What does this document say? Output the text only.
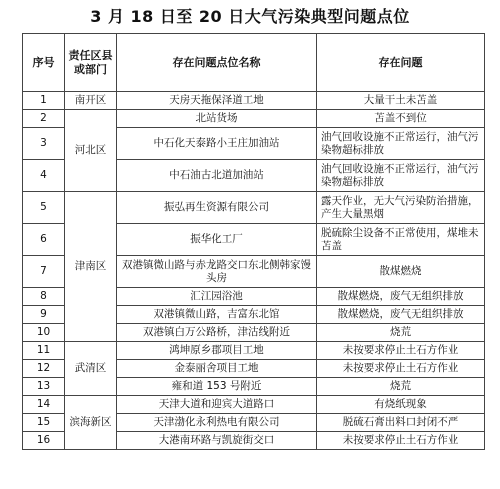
3 月 18 日至 20 日大气污染典型问题点位
序号	责任区县或部门	存在问题点位名称	存在问题
1	南开区	天房天拖保泽道工地	大量干土未苫盖
2	河北区	北站货场	苫盖不到位
3		中石化天泰路小王庄加油站	油气回收设施不正常运行，油气污染物超标排放
4		中石油古北道加油站	油气回收设施不正常运行，油气污染物超标排放
5	津南区	振弘再生资源有限公司	露天作业，无大气污染防治措施，产生大量黑烟
6		振华化工厂	脱硫除尘设备不正常使用，煤堆未苫盖
7		双港镇微山路与赤龙路交口东北侧韩家馒头房	散煤燃烧
8		汇江园浴池	散煤燃烧，废气无组织排放
9		双港镇微山路，吉富东北馆	散煤燃烧，废气无组织排放
10		双港镇白万公路桥，津沽线附近	烧荒
11	武清区	鸿坤原乡郡项目工地	未按要求停止土石方作业
12		金泰丽舍项目工地	未按要求停止土石方作业
13		雍和道 153 号附近	烧荒
14	滨海新区	天津大道和迎宾大道路口	有烧纸现象
15		天津渤化永利热电有限公司	脱硫石膏出料口封闭不严
16		大港南环路与凯旋街交口	未按要求停止土石方作业
